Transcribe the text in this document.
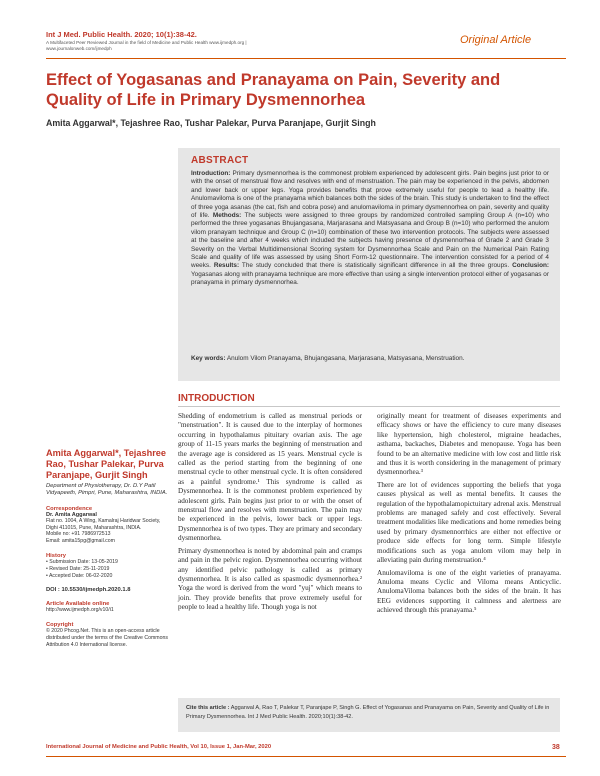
Int J Med. Public Health. 2020; 10(1):38-42.
A Multifaceted Peer Reviewed Journal in the field of Medicine and Public Health www.ijmedph.org | www.journalonweb.com/ijmedph
Original Article
Effect of Yogasanas and Pranayama on Pain, Severity and Quality of Life in Primary Dysmennorhea
Amita Aggarwal*, Tejashree Rao, Tushar Palekar, Purva Paranjape, Gurjit Singh
ABSTRACT
Introduction: Primary dysmennorhea is the commonest problem experienced by adolescent girls. Pain begins just prior to or with the onset of menstrual flow and resolves with end of menstruation. The pain may be experienced in the pelvis, abdomen and lower back or upper legs. Yoga provides benefits that prove extremely useful for people to lead a healthy life. Anulomaviloma is one of the pranayama which balances both the sides of the brain. This study is undertaken to find the effect of three yoga asanas (the cat, fish and cobra pose) and anulomaviloma in primary dysmennorhea on pain, severity and quality of life. Methods: The subjects were assigned to three groups by randomized controlled sampling Group A (n=10) who performed the three yogasanas Bhujangasana, Marjarasana and Matsyasana and Group B (n=10) who performed the anulom vilom pranayam technique and Group C (n=10) combination of these two intervention protocols. The subjects were assessed at the baseline and after 4 weeks which included the subjects having presence of dysmennorhea of Grade 2 and Grade 3 Severity on the Verbal Multidimensional Scoring system for Dysmennorhea Scale and Pain on the Numerical Pain Rating Scale and quality of life was assessed by using Short Form-12 questionnaire. The intervention consisted for a period of 4 weeks. Results: The study concluded that there is statistically significant difference in all the three groups. Conclusion: Yogasanas along with pranayama technique are more effective than using a single intervention protocol either of yogasanas or pranayama in primary dysmennorhea.
Key words: Anulom Vilom Pranayama, Bhujangasana, Marjarasana, Matsyasana, Menstruation.
INTRODUCTION
Amita Aggarwal*, Tejashree Rao, Tushar Palekar, Purva Paranjape, Gurjit Singh
Department of Physiotherapy, Dr. D.Y Patil Vidyapeeth, Pimpri, Pune, Maharashtra, INDIA.
Correspondence
Dr. Amita Aggarwal
Flat no. 1004, A Wing, Kamalraj Haridwar Society, Dighi 411015, Pune, Maharashtra, INDIA.
Mobile no: +91 7986972513
Email: amita15pg@gmail.com
History
• Submission Date: 13-05-2019
• Revised Date: 25-11-2019
• Accepted Date: 06-02-2020
DOI : 10.5530/ijmedph.2020.1.8
Article Available online
http://www.ijmedph.org/v10/i1
Copyright
© 2020 Phcog.Net. This is an open-access article distributed under the terms of the Creative Commons Attribution 4.0 International license.

Shedding of endometrium is called as menstrual periods or "menstruation". It is caused due to the interplay of hormones occurring in hypothalamus pituitary ovarian axis. The age group of 11-15 years marks the beginning of menstruation and the average age is considered as 15 years. Menstrual cycle is called as the period starting from the beginning of one menstrual cycle to other menstrual cycle. It is often considered as a painful syndrome.¹ This syndrome is called as Dysmennorhea. It is the commonest problem experienced by adolescent girls. Pain begins just prior to or with the onset of menstrual flow and resolves with menstruation. The pain may be experienced in the pelvis, lower back or upper legs. Dysmennorhea is of two types. They are primary and secondary dysmennorhea.

Primary dysmennorhea is noted by abdominal pain and cramps and pain in the pelvic region. Dysmennorhea occurring without any identified pelvic pathology is called as primary dysmennorhea. It is also called as spasmodic dysmennorhea.² Yoga the word is derived from the word "yuj" which means to join. They provide benefits that prove extremely useful for people to lead a healthy life. Though yoga is not

originally meant for treatment of diseases experiments and efficacy shows or have the efficiency to cure many diseases like hypertension, high cholesterol, migraine headaches, asthama, backaches, Diabetes and menopause. Yoga has been found to be an alternative medicine with low cost and little risk and thus it is worth considering in the management of primary dysmennorhea.³

There are lot of evidences supporting the beliefs that yoga causes physical as well as mental benefits. It causes the regulation of the hypothalamopictuitary adrenal axis. Menstrual problems are managed safely and cost effectively. Several treatment modalities like medications and home remedies being used by primary dysmennorrhics are either not effective or produce side effects for long term. Simple lifestyle modifications such as yoga anulom vilom may help in alleviating pain during menstruation.⁴

Anulomaviloma is one of the eight varieties of pranayama. Anuloma means Cyclic and Viloma means Anticyclic. AnulomaViloma balances both the sides of the brain. It has EEG evidences supporting it calmness and alertness are achieved through this pranayama.⁵

Cite this article : Aggarwal A, Rao T, Palekar T, Paranjape P, Singh G. Effect of Yogasanas and Pranayama on Pain, Severity and Quality of Life in Primary Dysmennorhea. Int J Med Public Health. 2020;10(1):38-42.
International Journal of Medicine and Public Health, Vol 10, Issue 1, Jan-Mar, 2020	38
